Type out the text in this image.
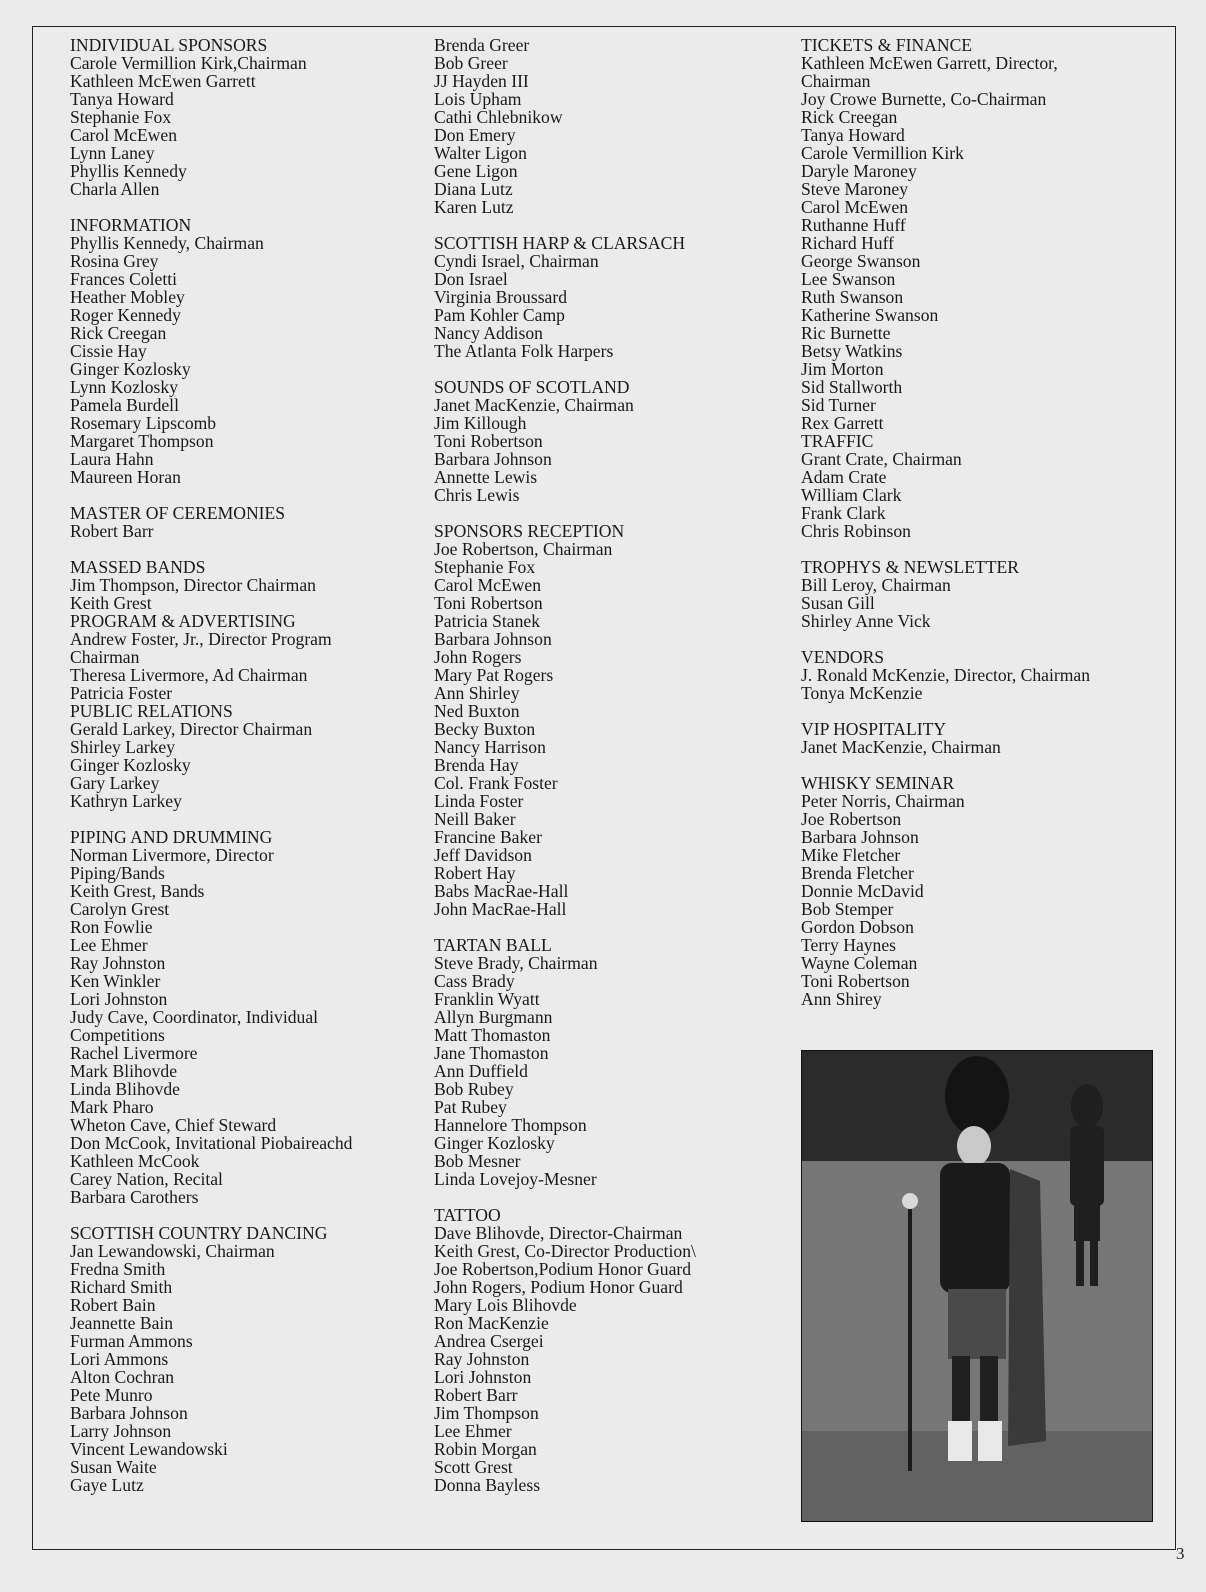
INDIVIDUAL SPONSORS
Carole Vermillion Kirk,Chairman
Kathleen McEwen Garrett
Tanya Howard
Stephanie Fox
Carol McEwen
Lynn Laney
Phyllis Kennedy
Charla Allen
INFORMATION
Phyllis Kennedy, Chairman
Rosina Grey
Frances Coletti
Heather Mobley
Roger Kennedy
Rick Creegan
Cissie Hay
Ginger Kozlosky
Lynn Kozlosky
Pamela Burdell
Rosemary Lipscomb
Margaret Thompson
Laura Hahn
Maureen Horan
MASTER OF CEREMONIES
Robert Barr
MASSED BANDS
Jim Thompson, Director Chairman
Keith Grest
PROGRAM & ADVERTISING
Andrew Foster, Jr., Director Program
Chairman
Theresa Livermore, Ad Chairman
Patricia Foster
PUBLIC RELATIONS
Gerald Larkey, Director Chairman
Shirley Larkey
Ginger Kozlosky
Gary Larkey
Kathryn Larkey
PIPING AND DRUMMING
Norman Livermore, Director
Piping/Bands
Keith Grest, Bands
Carolyn Grest
Ron Fowlie
Lee Ehmer
Ray Johnston
Ken Winkler
Lori Johnston
Judy Cave, Coordinator, Individual
Competitions
Rachel Livermore
Mark Blihovde
Linda Blihovde
Mark Pharo
Wheton Cave, Chief Steward
Don McCook, Invitational Piobaireachd
Kathleen McCook
Carey Nation, Recital
Barbara Carothers
SCOTTISH COUNTRY DANCING
Jan Lewandowski, Chairman
Fredna Smith
Richard Smith
Robert Bain
Jeannette Bain
Furman Ammons
Lori Ammons
Alton Cochran
Pete Munro
Barbara Johnson
Larry Johnson
Vincent Lewandowski
Susan Waite
Gaye Lutz
Brenda Greer
Bob Greer
JJ Hayden III
Lois Upham
Cathi Chlebnikow
Don Emery
Walter Ligon
Gene Ligon
Diana Lutz
Karen Lutz
SCOTTISH HARP & CLARSACH
Cyndi Israel, Chairman
Don Israel
Virginia Broussard
Pam Kohler Camp
Nancy Addison
The Atlanta Folk Harpers
SOUNDS OF SCOTLAND
Janet MacKenzie, Chairman
Jim Killough
Toni Robertson
Barbara Johnson
Annette Lewis
Chris Lewis
SPONSORS RECEPTION
Joe Robertson, Chairman
Stephanie Fox
Carol McEwen
Toni Robertson
Patricia Stanek
Barbara Johnson
John Rogers
Mary Pat Rogers
Ann Shirley
Ned Buxton
Becky Buxton
Nancy Harrison
Brenda Hay
Col. Frank Foster
Linda Foster
Neill Baker
Francine Baker
Jeff Davidson
Robert Hay
Babs MacRae-Hall
John MacRae-Hall
TARTAN BALL
Steve Brady, Chairman
Cass Brady
Franklin Wyatt
Allyn Burgmann
Matt Thomaston
Jane Thomaston
Ann Duffield
Bob Rubey
Pat Rubey
Hannelore Thompson
Ginger Kozlosky
Bob Mesner
Linda Lovejoy-Mesner
TATTOO
Dave Blihovde, Director-Chairman
Keith Grest, Co-Director Production\
Joe Robertson,Podium Honor Guard
John Rogers, Podium Honor Guard
Mary Lois Blihovde
Ron MacKenzie
Andrea Csergei
Ray Johnston
Lori Johnston
Robert Barr
Jim Thompson
Lee Ehmer
Robin Morgan
Scott Grest
Donna Bayless
TICKETS & FINANCE
Kathleen McEwen Garrett, Director,
Chairman
Joy Crowe Burnette, Co-Chairman
Rick Creegan
Tanya Howard
Carole Vermillion Kirk
Daryle Maroney
Steve Maroney
Carol McEwen
Ruthanne Huff
Richard Huff
George Swanson
Lee Swanson
Ruth Swanson
Katherine Swanson
Ric Burnette
Betsy Watkins
Jim Morton
Sid Stallworth
Sid Turner
Rex Garrett
TRAFFIC
Grant Crate, Chairman
Adam Crate
William Clark
Frank Clark
Chris Robinson
TROPHYS & NEWSLETTER
Bill Leroy, Chairman
Susan Gill
Shirley Anne Vick
VENDORS
J. Ronald McKenzie, Director, Chairman
Tonya McKenzie
VIP HOSPITALITY
Janet MacKenzie, Chairman
WHISKY SEMINAR
Peter Norris, Chairman
Joe Robertson
Barbara Johnson
Mike Fletcher
Brenda Fletcher
Donnie McDavid
Bob Stemper
Gordon Dobson
Terry Haynes
Wayne Coleman
Toni Robertson
Ann Shirey
3
